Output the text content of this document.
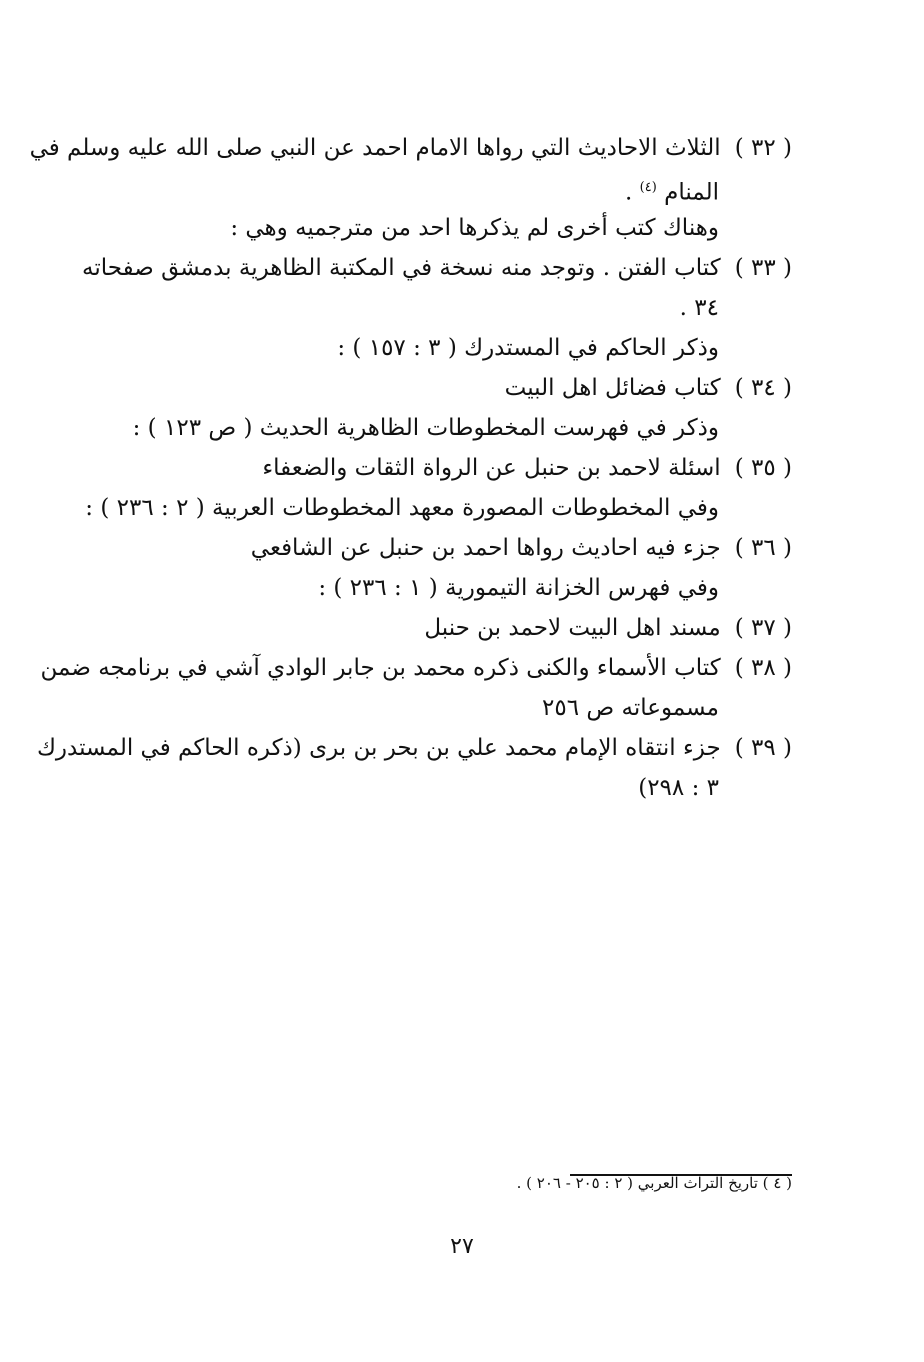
( ٣٢ )الثلاث الاحاديث التي رواها الامام احمد عن النبي صلى الله عليه وسلم في
المنام $^{(٤)}$ .
وهناك كتب أخرى لم يذكرها احد من مترجميه وهي :
( ٣٣ )كتاب الفتن . وتوجد منه نسخة في المكتبة الظاهرية بدمشق صفحاته
٣٤ .
وذكر الحاكم في المستدرك ( ٣ : ١٥٧ ) :
( ٣٤ )كتاب فضائل اهل البيت
وذكر في فهرست المخطوطات الظاهرية الحديث ( ص ١٢٣ ) :
( ٣٥ )اسئلة لاحمد بن حنبل عن الرواة الثقات والضعفاء
وفي المخطوطات المصورة معهد المخطوطات العربية ( ٢ : ٢٣٦ ) :
( ٣٦ )جزء فيه احاديث رواها احمد بن حنبل عن الشافعي
وفي فهرس الخزانة التيمورية ( ١ : ٢٣٦ ) :
( ٣٧ )مسند اهل البيت لاحمد بن حنبل
( ٣٨ )كتاب الأسماء والكنى ذكره محمد بن جابر الوادي آشي في برنامجه ضمن
مسموعاته ص ٢٥٦
( ٣٩ )جزء انتقاه الإمام محمد علي بن بحر بن برى (ذكره الحاكم في المستدرك
٣ : ٢٩٨)
( ٤ ) تاريخ التراث العربي ( ٢ : ٢٠٥ - ٢٠٦ ) .
٢٧
